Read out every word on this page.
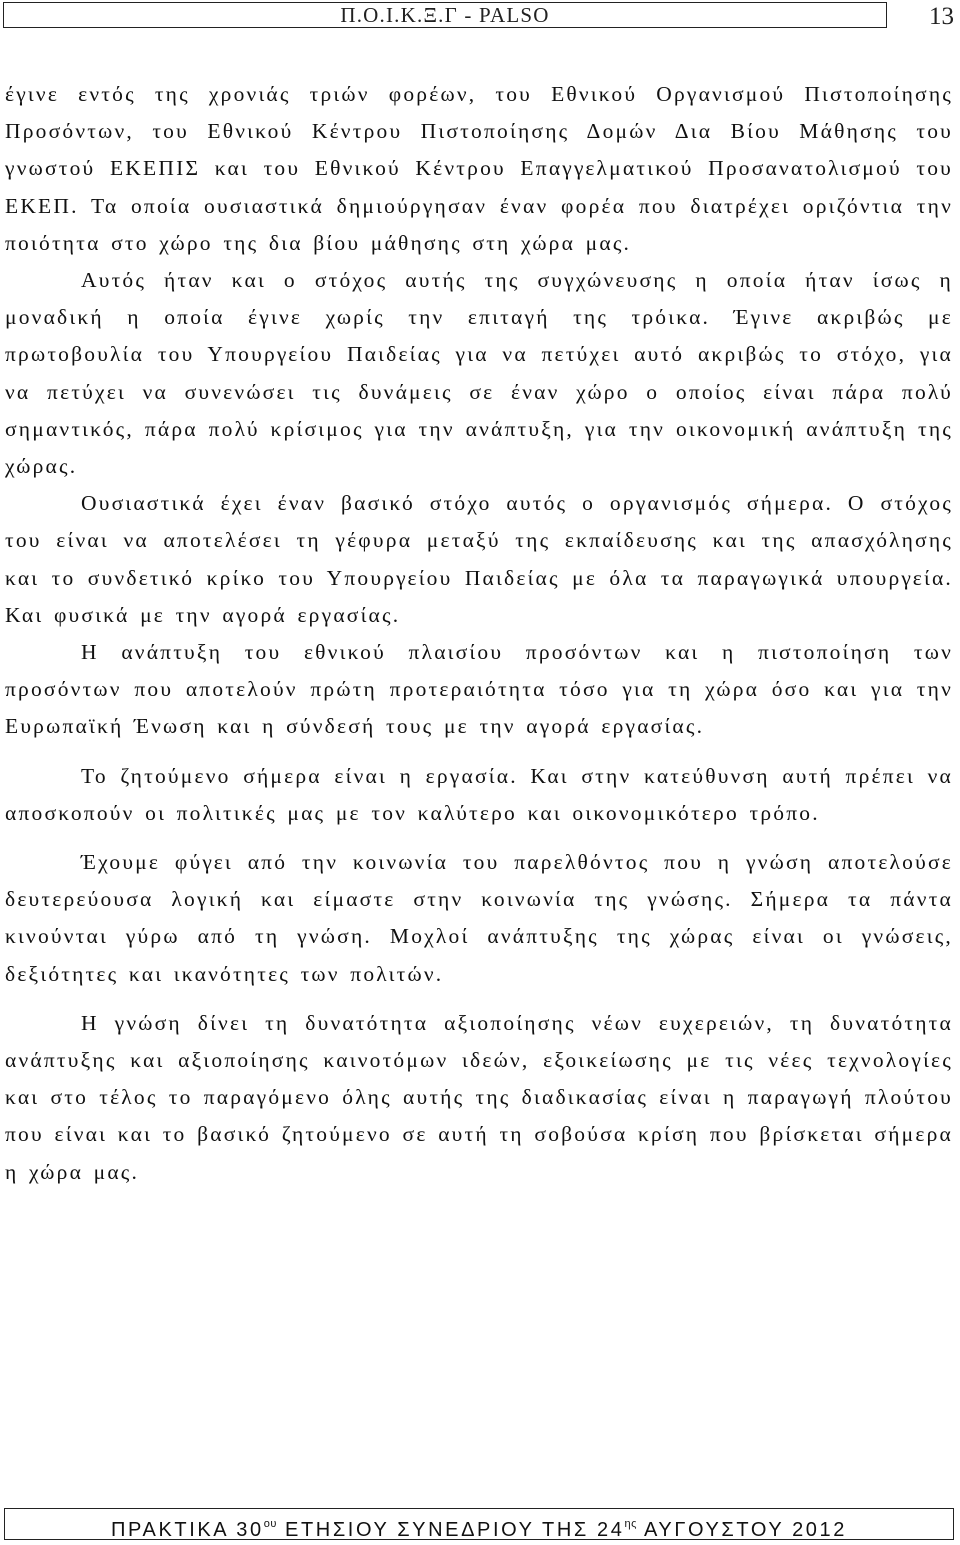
Π.Ο.Ι.Κ.Ξ.Γ - PALSO	13

έγινε εντός της χρονιάς τριών φορέων, του Εθνικού Οργανισμού Πιστοποίησης Προσόντων, του Εθνικού Κέντρου Πιστοποίησης Δομών Δια Βίου Μάθησης του γνωστού ΕΚΕΠΙΣ και του Εθνικού Κέντρου Επαγγελματικού Προσανατολισμού του ΕΚΕΠ. Τα οποία ουσιαστικά δημιούργησαν έναν φορέα που διατρέχει οριζόντια την ποιότητα στο χώρο της δια βίου μάθησης στη χώρα μας.

Αυτός ήταν και ο στόχος αυτής της συγχώνευσης η οποία ήταν ίσως η μοναδική η οποία έγινε χωρίς την επιταγή της τρόικα. Έγινε ακριβώς με πρωτοβουλία του Υπουργείου Παιδείας για να πετύχει αυτό ακριβώς το στόχο, για να πετύχει να συνενώσει τις δυνάμεις σε έναν χώρο ο οποίος είναι πάρα πολύ σημαντικός, πάρα πολύ κρίσιμος για την ανάπτυξη, για την οικονομική ανάπτυξη της χώρας.

Ουσιαστικά έχει έναν βασικό στόχο αυτός ο οργανισμός σήμερα. Ο στόχος του είναι να αποτελέσει τη γέφυρα μεταξύ της εκπαίδευσης και της απασχόλησης και το συνδετικό κρίκο του Υπουργείου Παιδείας με όλα τα παραγωγικά υπουργεία. Και φυσικά με την αγορά εργασίας.

Η ανάπτυξη του εθνικού πλαισίου προσόντων και η πιστοποίηση των προσόντων που αποτελούν πρώτη προτεραιότητα τόσο για τη χώρα όσο και για την Ευρωπαϊκή Ένωση και η σύνδεσή τους με την αγορά εργασίας.

Το ζητούμενο σήμερα είναι η εργασία. Και στην κατεύθυνση αυτή πρέπει να αποσκοπούν οι πολιτικές μας με τον καλύτερο και οικονομικότερο τρόπο.

Έχουμε φύγει από την κοινωνία του παρελθόντος που η γνώση αποτελούσε δευτερεύουσα λογική και είμαστε στην κοινωνία της γνώσης. Σήμερα τα πάντα κινούνται γύρω από τη γνώση. Μοχλοί ανάπτυξης της χώρας είναι οι γνώσεις, δεξιότητες και ικανότητες των πολιτών.

Η γνώση δίνει τη δυνατότητα αξιοποίησης νέων ευχερειών, τη δυνατότητα ανάπτυξης και αξιοποίησης καινοτόμων ιδεών, εξοικείωσης με τις νέες τεχνολογίες και στο τέλος το παραγόμενο όλης αυτής της διαδικασίας είναι η παραγωγή πλούτου που είναι και το βασικό ζητούμενο σε αυτή τη σοβούσα κρίση που βρίσκεται σήμερα η χώρα μας.

ΠΡΑΚΤΙΚΑ $30^{o\upsilon}$ ΕΤΗΣΙΟΥ ΣΥΝΕΔΡΙΟΥ ΤΗΣ $24^{\eta\varsigma}$ ΑΥΓΟΥΣΤΟΥ 2012
